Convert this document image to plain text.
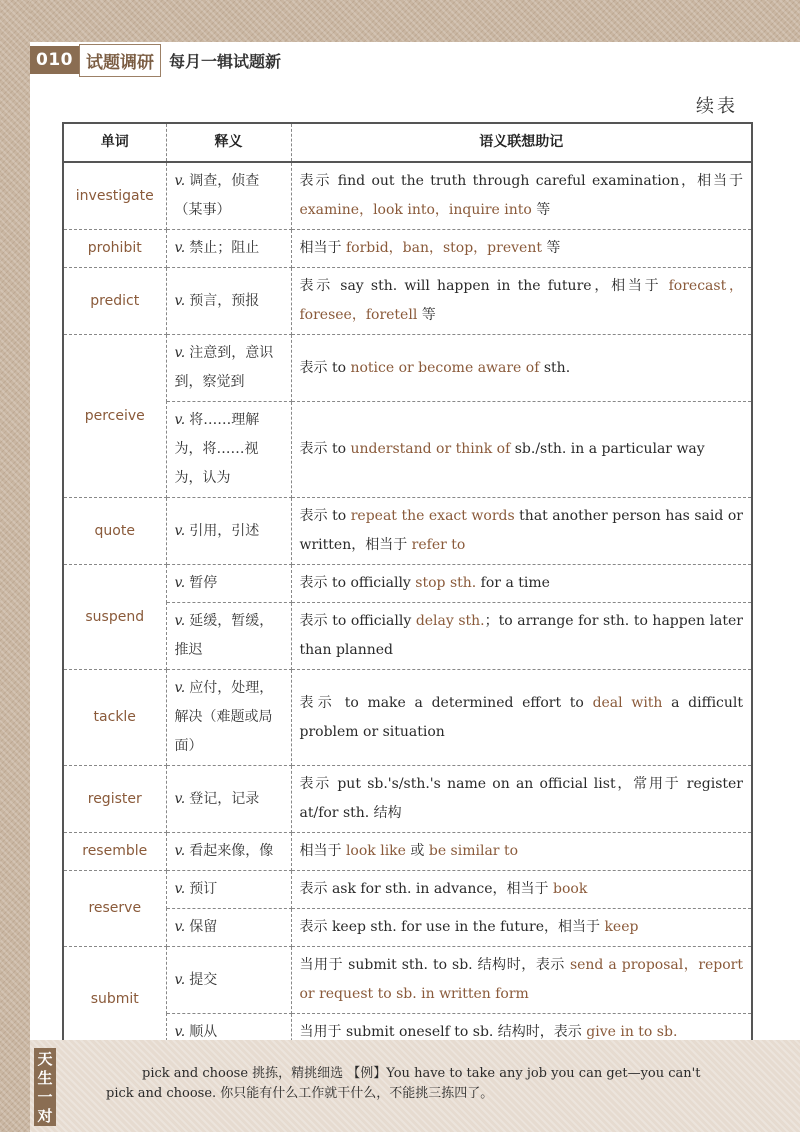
010 试题调研 每月一辑试题新
续表
单词	释义	语义联想助记
investigate	v. 调查，侦查（某事）	表示 find out the truth through careful examination，相当于 examine，look into，inquire into 等
prohibit	v. 禁止；阻止	相当于 forbid，ban，stop，prevent 等
predict	v. 预言，预报	表示 say sth. will happen in the future，相当于 forecast，foresee，foretell 等
perceive	v. 注意到，意识到，察觉到	表示 to notice or become aware of sth.
	v. 将……理解为，将……视为，认为	表示 to understand or think of sb./sth. in a particular way
quote	v. 引用，引述	表示 to repeat the exact words that another person has said or written，相当于 refer to
suspend	v. 暂停	表示 to officially stop sth. for a time
	v. 延缓，暂缓，推迟	表示 to officially delay sth.；to arrange for sth. to happen later than planned
tackle	v. 应付，处理，解决（难题或局面）	表示 to make a determined effort to deal with a difficult problem or situation
register	v. 登记，记录	表示 put sb.'s/sth.'s name on an official list，常用于 register at/for sth. 结构
resemble	v. 看起来像，像	相当于 look like 或 be similar to
reserve	v. 预订	表示 ask for sth. in advance，相当于 book
	v. 保留	表示 keep sth. for use in the future，相当于 keep
submit	v. 提交	当用于 submit sth. to sb. 结构时，表示 send a proposal，report or request to sb. in written form
	v. 顺从	当用于 submit oneself to sb. 结构时，表示 give in to sb.
天生一对
pick and choose 挑拣，精挑细选 【例】You have to take any job you can get—you can't
pick and choose. 你只能有什么工作就干什么，不能挑三拣四了。
